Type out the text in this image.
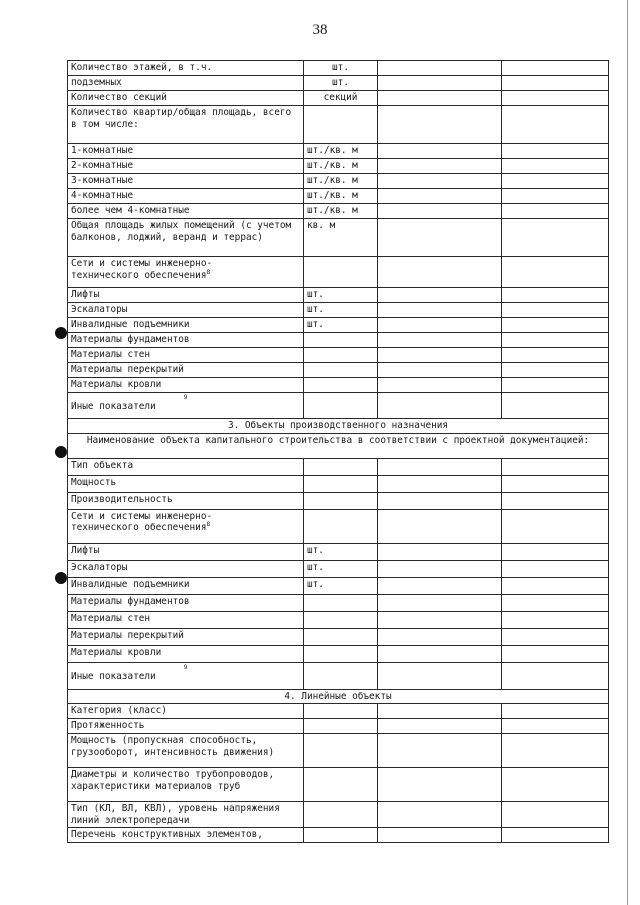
38
Количество этажей, в т.ч.	шт.		
подземных	шт.		
Количество секций	секций		
Количество квартир/общая площадь, всего
в том числе:			
1-комнатные	шт./кв. м		
2-комнатные	шт./кв. м		
3-комнатные	шт./кв. м		
4-комнатные	шт./кв. м		
более чем 4-комнатные	шт./кв. м		
Общая площадь жилых помещений (с учетом балконов, лоджий, веранд и террас)	кв. м		
Сети и системы инженерно-
технического обеспечения$^8$			
Лифты	шт.		
Эскалаторы	шт.		
Инвалидные подъемники	шт.		
Материалы фундаментов			
Материалы стен			
Материалы перекрытий			
Материалы кровли			

9
Иные показатели			
3. Объекты производственного назначения			
Наименование объекта капитального строительства в соответствии с проектной документацией:			
Тип объекта			
Мощность			
Производительность			
Сети и системы инженерно-
технического обеспечения$^8$			
Лифты	шт.		
Эскалаторы	шт.		
Инвалидные подъемники	шт.		
Материалы фундаментов			
Материалы стен			
Материалы перекрытий			
Материалы кровли			

9
Иные показатели			
4. Линейные объекты			
Категория (класс)			
Протяженность			
Мощность (пропускная способность, грузооборот, интенсивность движения)			
Диаметры и количество трубопроводов, характеристики материалов труб			
Тип (КЛ, ВЛ, КВЛ), уровень напряжения линий электропередачи			
Перечень конструктивных элементов,			
